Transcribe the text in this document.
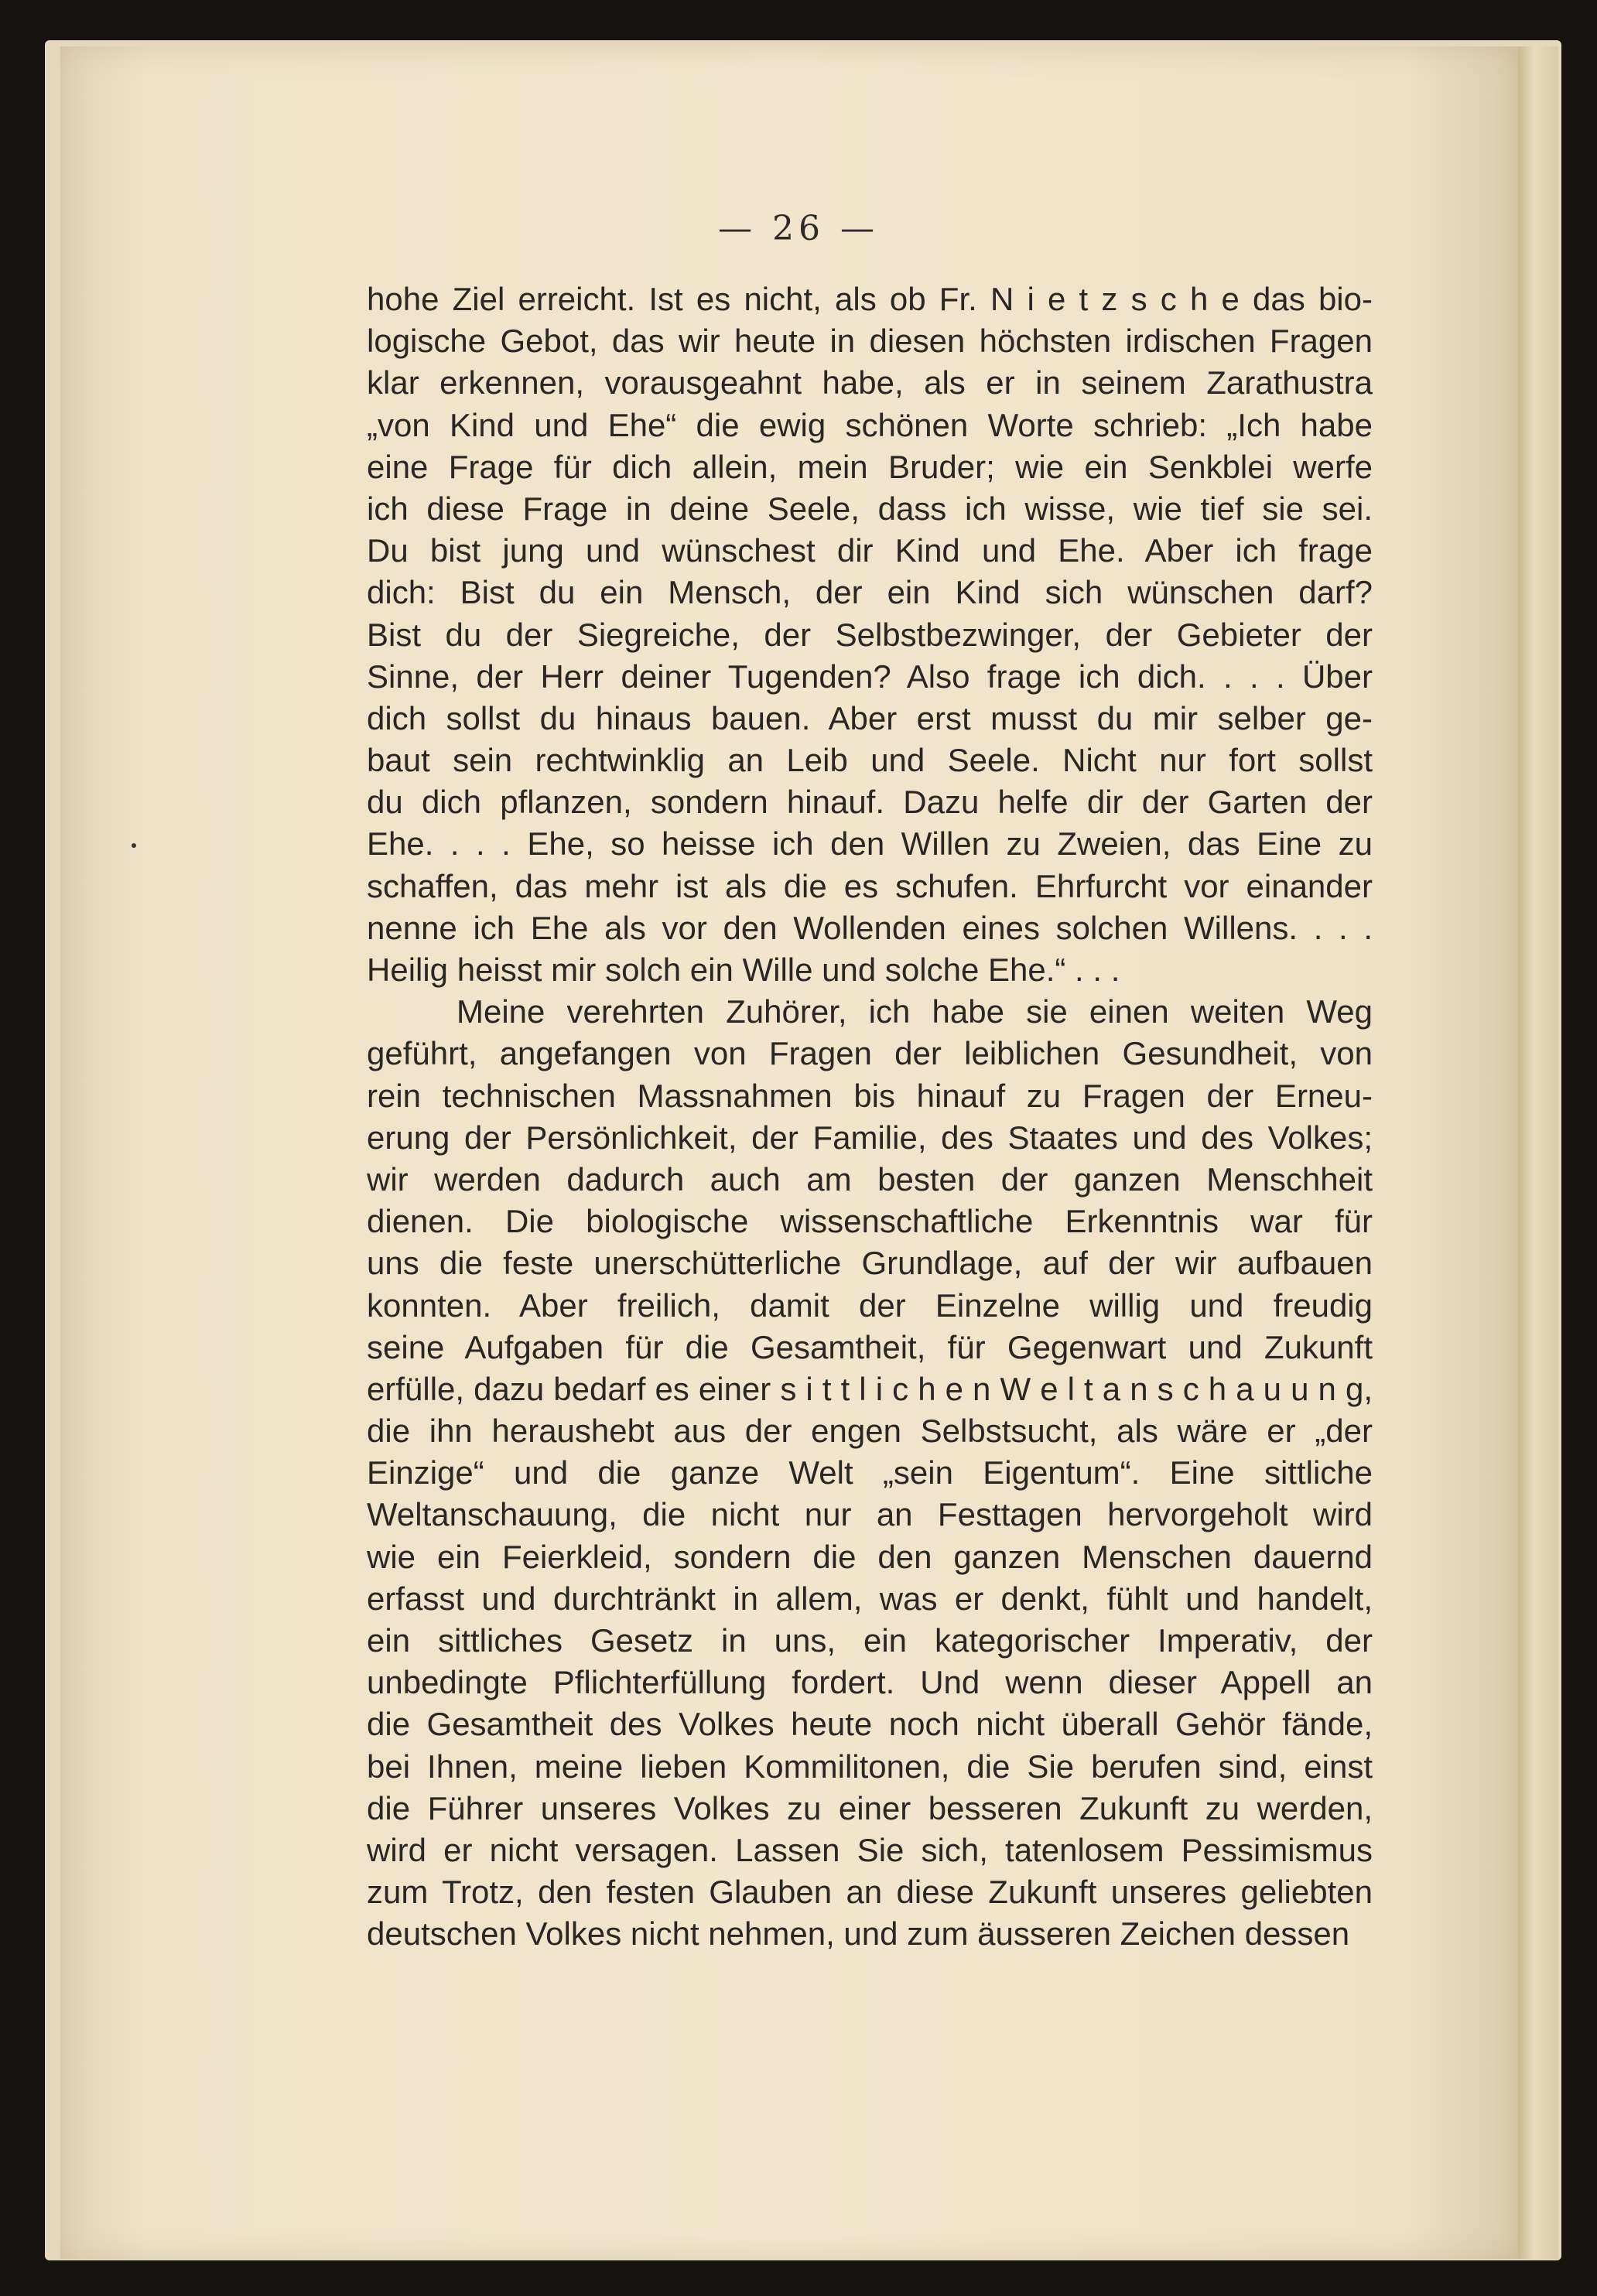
— 26 —
hohe Ziel erreicht. Ist es nicht, als ob Fr. N i e t z s c h e das bio-
logische Gebot, das wir heute in diesen höchsten irdischen Fragen
klar erkennen, vorausgeahnt habe, als er in seinem Zarathustra
„von Kind und Ehe“ die ewig schönen Worte schrieb: „Ich habe
eine Frage für dich allein, mein Bruder; wie ein Senkblei werfe
ich diese Frage in deine Seele, dass ich wisse, wie tief sie sei.
Du bist jung und wünschest dir Kind und Ehe. Aber ich frage
dich: Bist du ein Mensch, der ein Kind sich wünschen darf?
Bist du der Siegreiche, der Selbstbezwinger, der Gebieter der
Sinne, der Herr deiner Tugenden? Also frage ich dich. . . . Über
dich sollst du hinaus bauen. Aber erst musst du mir selber ge-
baut sein rechtwinklig an Leib und Seele. Nicht nur fort sollst
du dich pflanzen, sondern hinauf. Dazu helfe dir der Garten der
Ehe. . . . Ehe, so heisse ich den Willen zu Zweien, das Eine zu
schaffen, das mehr ist als die es schufen. Ehrfurcht vor einander
nenne ich Ehe als vor den Wollenden eines solchen Willens. . . .
Heilig heisst mir solch ein Wille und solche Ehe.“ . . .
Meine verehrten Zuhörer, ich habe sie einen weiten Weg
geführt, angefangen von Fragen der leiblichen Gesundheit, von
rein technischen Massnahmen bis hinauf zu Fragen der Erneu-
erung der Persönlichkeit, der Familie, des Staates und des Volkes;
wir werden dadurch auch am besten der ganzen Menschheit
dienen. Die biologische wissenschaftliche Erkenntnis war für
uns die feste unerschütterliche Grundlage, auf der wir aufbauen
konnten. Aber freilich, damit der Einzelne willig und freudig
seine Aufgaben für die Gesamtheit, für Gegenwart und Zukunft
erfülle, dazu bedarf es einer s i t t l i c h e n W e l t a n s c h a u u n g,
die ihn heraushebt aus der engen Selbstsucht, als wäre er „der
Einzige“ und die ganze Welt „sein Eigentum“. Eine sittliche
Weltanschauung, die nicht nur an Festtagen hervorgeholt wird
wie ein Feierkleid, sondern die den ganzen Menschen dauernd
erfasst und durchtränkt in allem, was er denkt, fühlt und handelt,
ein sittliches Gesetz in uns, ein kategorischer Imperativ, der
unbedingte Pflichterfüllung fordert. Und wenn dieser Appell an
die Gesamtheit des Volkes heute noch nicht überall Gehör fände,
bei Ihnen, meine lieben Kommilitonen, die Sie berufen sind, einst
die Führer unseres Volkes zu einer besseren Zukunft zu werden,
wird er nicht versagen. Lassen Sie sich, tatenlosem Pessimismus
zum Trotz, den festen Glauben an diese Zukunft unseres geliebten
deutschen Volkes nicht nehmen, und zum äusseren Zeichen dessen
